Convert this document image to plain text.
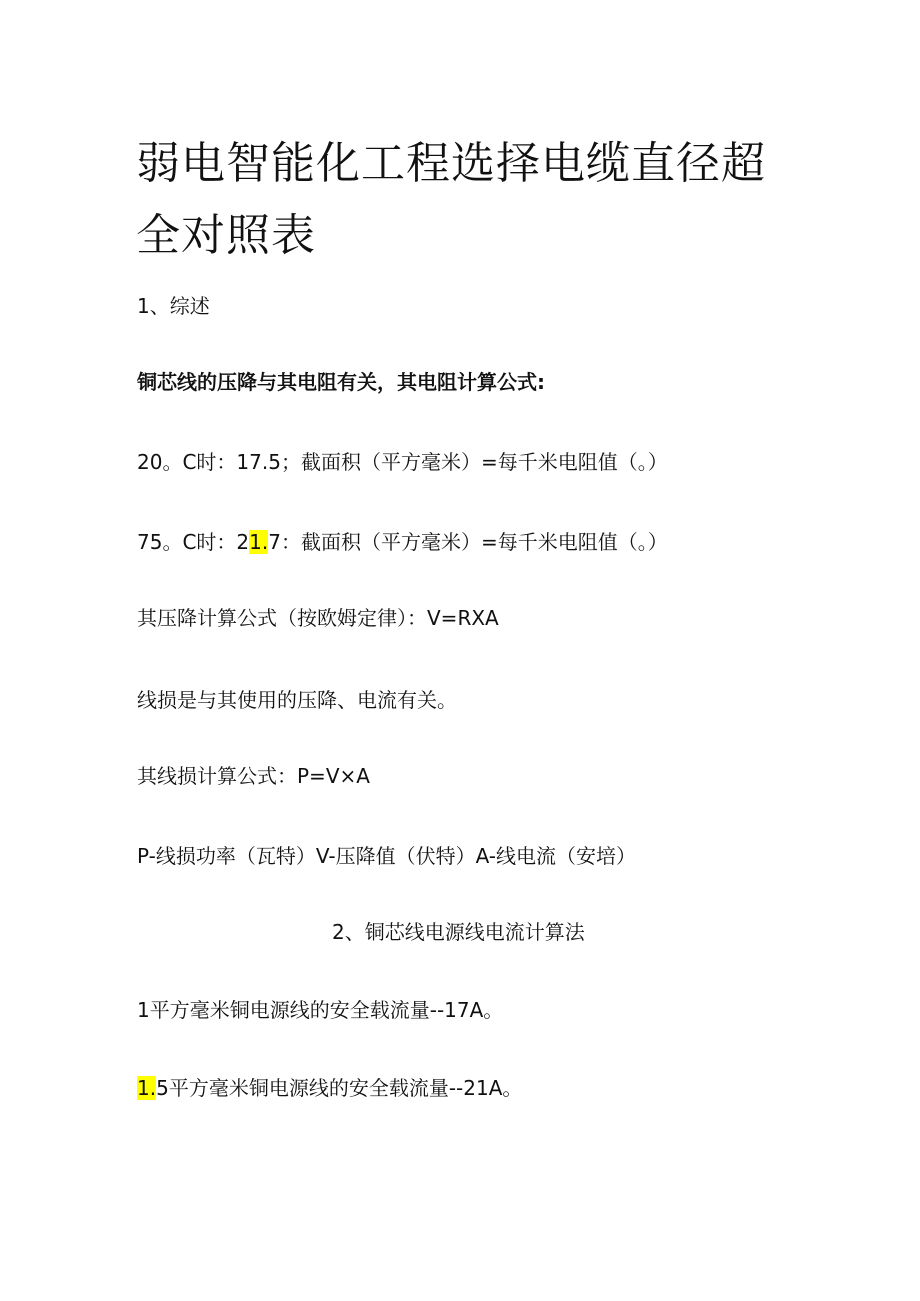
弱电智能化工程选择电缆直径超全对照表
1、综述
铜芯线的压降与其电阻有关，其电阻计算公式:
20。C时：17.5；截面积（平方毫米）=每千米电阻值（。）
75。C时：21.7：截面积（平方毫米）=每千米电阻值（。）
其压降计算公式（按欧姆定律）：V=RXA
线损是与其使用的压降、电流有关。
其线损计算公式：P=V×A
P-线损功率（瓦特）V-压降值（伏特）A-线电流（安培）
2、铜芯线电源线电流计算法
1平方毫米铜电源线的安全载流量--17A。
1.5平方毫米铜电源线的安全载流量--21A。
